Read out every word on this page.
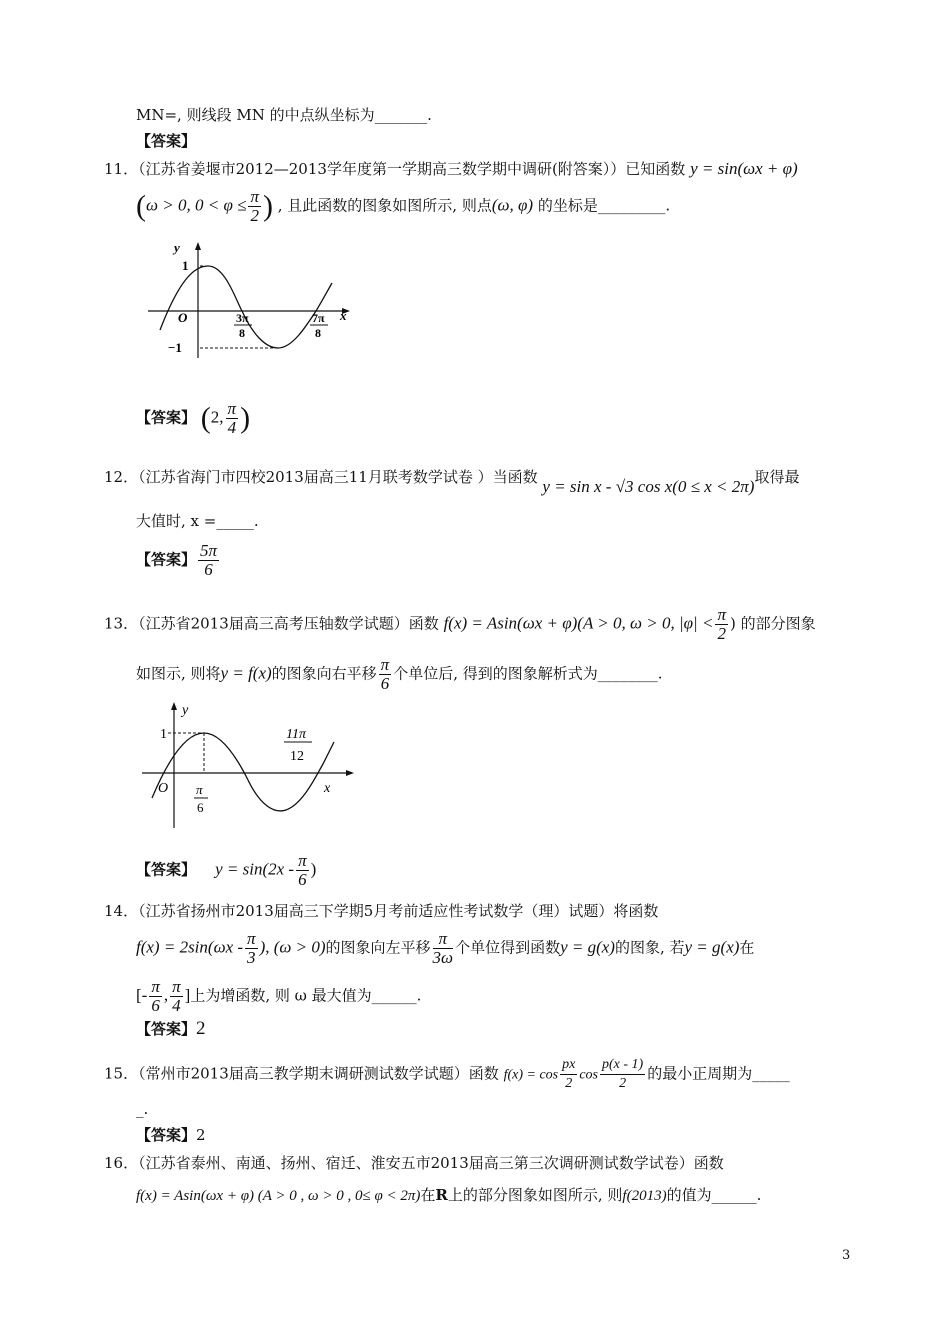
MN=, 则线段 MN 的中点纵坐标为_______.
【答案】
11．（江苏省姜堰市2012—2013学年度第一学期高三数学期中调研(附答案））已知函数 y = sin(ωx + φ)
(ω > 0, $0 < \varphi \le \frac{\pi}{2}$ ) , 且此函数的图象如图所示, 则点(ω, φ) 的坐标是_________.
y
x
O
1
−1
3π
8
7π
8
【答案】 (2, $\frac{\pi}{4}$ )
12．（江苏省海门市四校2013届高三11月联考数学试卷 ）当函数 y = sin x - √3 cos x(0 ≤ x < 2π)取得最
大值时, x =_____.
【答案】 $\frac{5\pi}{6}$
13．（江苏省2013届高三高考压轴数学试题）函数 f(x) = Asin(ωx + φ)(A > 0, ω > 0, $|\varphi| < \frac{\pi}{2}$ ) 的部分图象
如图示, 则将y = f(x)的图象向右平移 $\frac{\pi}{6}$ 个单位后, 得到的图象解析式为________.
y
x
O
1
π
6
11π
12
【答案】 $y = \sin(2x - \frac{\pi}{6}$ )
14．（江苏省扬州市2013届高三下学期5月考前适应性考试数学（理）试题）将函数
$f(x) = 2\sin(\omega x - \frac{\pi}{3}$ ), (ω > 0)的图象向左平移 $\frac{\pi}{3\omega}$ 个单位得到函数y = g(x)的图象, 若y = g(x)在
[- $\frac{\pi}{6}$ , $\frac{\pi}{4}$ ]上为增函数, 则 ω 最大值为______.
【答案】2
15．（常州市2013届高三教学期末调研测试数学试题）函数 $f(x) = \cos \frac{px}{2}$ $\cos \frac{p(x - 1)}{2}$ 的最小正周期为_____
_.
【答案】2
16．（江苏省泰州、南通、扬州、宿迁、淮安五市2013届高三第三次调研测试数学试卷）函数
f(x) = Asin(ωx + φ) (A > 0 , ω > 0 , 0≤ φ < 2π)在R上的部分图象如图所示, 则f(2013)的值为______.
3
